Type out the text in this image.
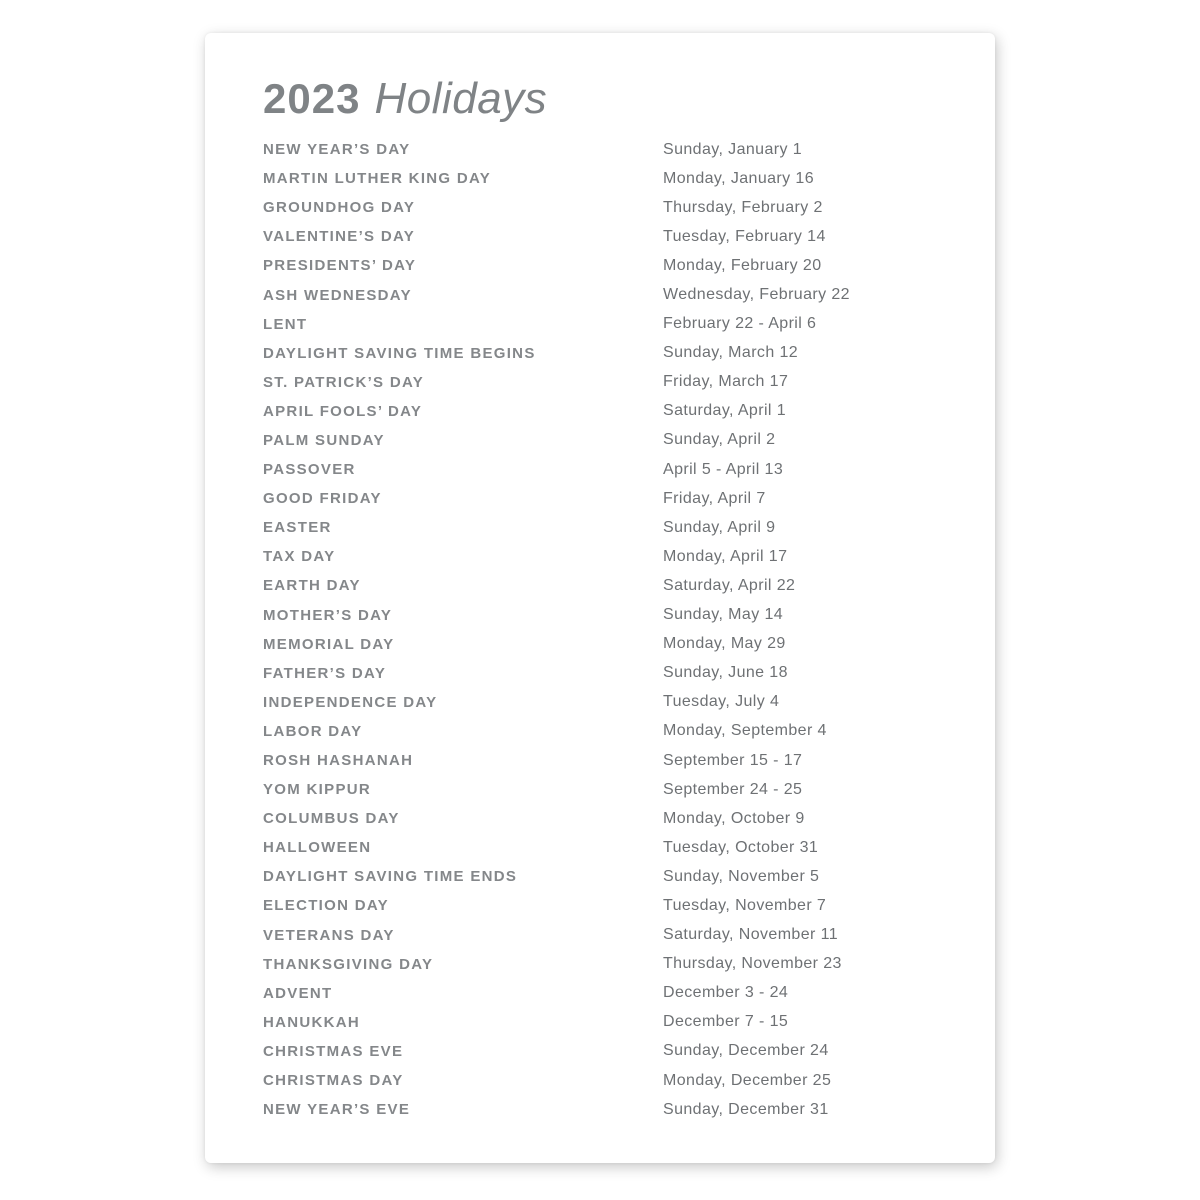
2023 Holidays
NEW YEAR’S DAY	Sunday, January 1
MARTIN LUTHER KING DAY	Monday, January 16
GROUNDHOG DAY	Thursday, February 2
VALENTINE’S DAY	Tuesday, February 14
PRESIDENTS’ DAY	Monday, February 20
ASH WEDNESDAY	Wednesday, February 22
LENT	February 22 - April 6
DAYLIGHT SAVING TIME BEGINS	Sunday, March 12
ST. PATRICK’S DAY	Friday, March 17
APRIL FOOLS’ DAY	Saturday, April 1
PALM SUNDAY	Sunday, April 2
PASSOVER	April 5 - April 13
GOOD FRIDAY	Friday, April 7
EASTER	Sunday, April 9
TAX DAY	Monday, April 17
EARTH DAY	Saturday, April 22
MOTHER’S DAY	Sunday, May 14
MEMORIAL DAY	Monday, May 29
FATHER’S DAY	Sunday, June 18
INDEPENDENCE DAY	Tuesday, July 4
LABOR DAY	Monday, September 4
ROSH HASHANAH	September 15 - 17
YOM KIPPUR	September 24 - 25
COLUMBUS DAY	Monday, October 9
HALLOWEEN	Tuesday, October 31
DAYLIGHT SAVING TIME ENDS	Sunday, November 5
ELECTION DAY	Tuesday, November 7
VETERANS DAY	Saturday, November 11
THANKSGIVING DAY	Thursday, November 23
ADVENT	December 3 - 24
HANUKKAH	December 7 - 15
CHRISTMAS EVE	Sunday, December 24
CHRISTMAS DAY	Monday, December 25
NEW YEAR’S EVE	Sunday, December 31
